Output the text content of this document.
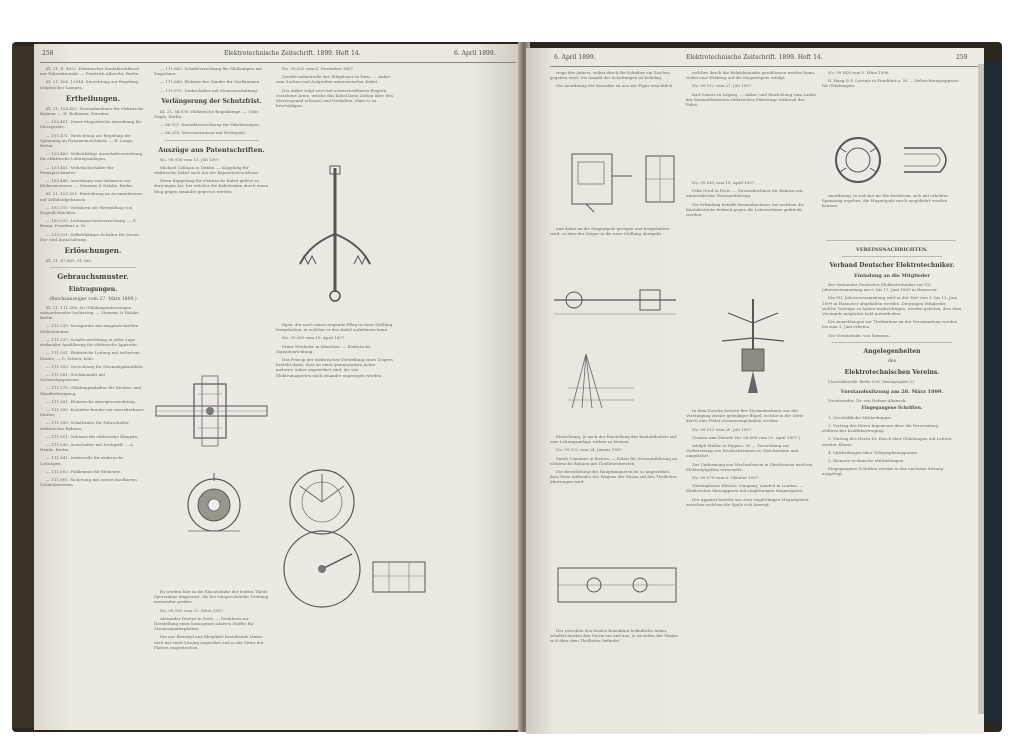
258	Elektrotechnische Zeitschrift. 1899. Heft 14.	6. April 1899.

Kl. 21. E. 4922. Elektrischer Kontaktschlüssel mit Walzenkontakt. — Friedrich Albrecht, Berlin.

Kl. 21. Sch. 12044. Einrichtung zur Regelung elektrischer Lampen.

Ertheilungen.

Kl. 21. 103.452. Stromabnehmer für elektrische Bahnen. — H. Rollmann, Dresden.

— 103.461. Dauer-Magnetische Anordnung für Messgeräte.

— 103.471. Vorrichtung zur Regelung der Spannung an Dynamomaschinen. — R. Lange, Berlin.

— 103.480. Selbstthätige Ausschaltvorrichtung für elektrische Leitungsanlagen.

— 103.481. Mehrfachschalter für Fernsprechämter.

— 103.488. Anordnung zum Anlassen von Elektromotoren. — Siemens & Halske, Berlin.

Kl. 21. 103.501. Einrichtung an Accumulatoren mit Zelluloidgehäusen.

— 103.510. Verfahren zur Herstellung von Bogenlichtkohlen.

— 103.520. Leitungsschutzvorrichtung. — E. Braun, Frankfurt a. M.

— 103.531. Selbstthätiger Schalter für Strom-Ein- und Ausschaltung.

Erlöschungen.

Kl. 21. 87.861. 91.960.

Gebrauchsmuster.
Eintragungen.
(Reichsanzeiger vom 27. März 1899.)

Kl. 21. 111.506. Zu Glühlampenfassungen anzuordnender Isolierring. — Siemens & Halske, Berlin.

— 111.535. Messgeräte mit ausgewechselten Widerständen.

— 111.537. Schaltvorrichtung in jeder Lage wirkender Ausführung für elektrische Apparate.

— 111.551. Elektrische Leitung mit isoliertem Drahte. — C. Scheer, Köln.

— 111.552. Vorrichtung für Stromabgabezähler.

— 111.561. Steckkontakt mit Sicherungspatrone.

— 111.578. Glühlampenhalter für Decken- und Wandbefestigung.

— 111.581. Elektrische Anzeigevorrichtung.

— 111.590. Kontaktschraube mit unverlierbarer Mutter.

— 111.598. Schaltwalze für Fahrschalter elektrischer Bahnen.

— 111.611. Gehäuse für elektrische Klingeln.

— 111.630. Ausschalter mit Drehgriff. — A. Hanke, Berlin.

— 111.641. Isolierrolle für elektrische Leitungen.

— 111.650. Polklemme für Elemente.

— 111.661. Sicherung mit auswechselbarem Schmelzstreifen.

— 111.662. Schaltvorrichtung für Glühlampen mit Zugschnur.

— 111.668. Elektrischer Zünder für Gasflammen.

— 111.670. Drehschalter mit Momentschaltung.

Verlängerung der Schutzfrist.

Kl. 21. 84.930. Elektrische Bogenlampe. — Gebr. Naglo, Berlin.

— 86.101. Kontaktvorrichtung für Fahrleitungen.

— 86.255. Messinstrument mit Drehspule.

Auszüge aus Patentschriften.

No. 98.936 vom 15. Juli 1897.

Michael Callinan in Dublin. — Kupplung für elektrische Kabel nach Art der Bajonettverschlüsse.

Diese Kuppelung für elektrische Kabel gehört zu derjenigen Art, bei welcher die Kabelenden durch einen Ring gegen einander gepresst werden.

Es werden hier in die Einsatzhülse der beiden Theile Sperrzähne eingesetzt, die bei entsprechender Drehung ineinander greifen.

No. 99.165 vom 31. März 1897.

Alexander Dorenz in Paris. — Verfahren zur Herstellung eines homogenen aktiven Stoffes für Stromsammlerplatten.

Die aus Bleioxyd und Bleiglätte bestehende Masse wird mit einer Lösung angerührt und in die Gitter der Platten eingestrichen.

No. 99.032 vom 6. November 1897.

Société industrielle des Téléphones in Paris. — Anker zum Suchen und Aufgreifen unterseeischer Kabel.

Der Anker trägt zwei mit auswechselbaren Fingern versehene Arme, welche das Kabel beim Ziehen über den Meeresgrund erfassen und festhalten, ohne es zu beschädigen.

tigen, der nach unten zeigende Pflug in einer Stellung festgehalten, in welcher er das Kabel aufnehmen kann.

No. 99.089 vom 10. April 1897.

Franz Neuhofer in München. — Elektrische Signaleinrichtung.

Das Princip der elektrischen Verstellung eines Zeigers besteht darin, dass an einer gemeinsamen Achse mehrere Anker angeordnet sind, die von Elektromagneten nach einander angezogen werden.

6. April 1899.	Elektrotechnische Zeitschrift. 1899. Heft 14.	259

ringe des Ankers, wobei durch die Schieber ein Zeichen gegeben wird. Die Anzahl der Schaltungen ist beliebig.

Die Anordnung der Kontakte ist aus der Figur ersichtlich.

und dabei an die Magnetpole gezogen und festgehalten wird, so dass der Zeiger in die neue Stellung übergeht.

Einrichtung, je nach der Einstellung des Kontakthebels auf eine Leitungsanlage wirken zu können.

No. 99.152 vom 24. Januar 1897.

Sarah Cummins in Boston. — Relais für Stromzuführung an elektrische Bahnen mit Theilleiterbetrieb.

Die Bewickelung des Hauptmagneten ist so angeordnet, dass beim Auflaufen des Wagens der Strom auf den Theilleiter übertragen wird.

Der zwischen den beiden Kontakten befindliche Anker schaltet hierbei den Strom ein und aus, je nachdem der Wagen sich über dem Theilleiter befindet.

welches durch die Relaiskontakte geschlossen werden kann, wobei eine Wirkung auf die Magnetspule erfolgt.

No. 99.112 vom 27. Juli 1897.

Karl Sauerz in Leipzig. — Anker, und Einrichtung zum Laden der Sammelbatterien elektrischer Fahrzeuge während der Fahrt.

No. 99.043 vom 10. April 1897.

Felix Nord in Paris. — Stromabnehmer für Bahnen mit unterirdischer Stromzuführung.

Die Erfindung betrifft Stromabnehmer, bei welchen die Kontaktstücke federnd gegen die Leiterschiene gedrückt werden.

In dem Zwecke besteht der Stromabnehmer aus der Vereinigung zweier gelenkiger Bügel, welche in der Mitte durch eine Feder zusammengehalten werden.

No. 99.013 vom 20. Juli 1897.

(Zusatz zum Patente No. 96.668 vom 29. April 1897.)

Adolph Müller in Hagen i. W. — Vorrichtung zur Vorbereitung von Wechselströmen in Gleichströme und umgekehrt.

Zur Umformung von Wechselstrom in Gleichstrom wird ein Elektrolytgefäss verwendet.

No. 99.070 vom 6. Oktober 1897.

Westinghouse Electric Company, Limited in London. — Elektrischer Messapparat mit ringförmigen Magnetpolen.

Der Apparat besteht aus zwei ringförmigen Magnetpolen, zwischen welchen die Spule sich bewegt.

No. 99.049 vom 5. März 1898.

R. Haag & F. Lorentz in Frankfurt a. M. — Beleuchtungsapparat für Glühlampen.

Anordnung, in welcher im Wechselstrom, sich mit erhöhter Spannung ergeben, die Magnetpole rasch umgekehrt werden können.

VEREINSNACHRICHTEN.
Verband Deutscher Elektrotechniker.
Einladung an die Mitglieder

des Verbandes Deutscher Elektrotechniker zur VII. Jahresversammlung am 9. bis 12. Juni 1899 in Hannover.

Die VII. Jahresversammlung wird in der Zeit vom 9. bis 12. Juni 1899 in Hannover abgehalten werden. Diejenigen Mitglieder, welche Vorträge zu halten beabsichtigen, werden gebeten, dies dem Vorstande möglichst bald mitzutheilen.

Die Anmeldungen zur Theilnahme an der Versammlung werden bis zum 1. Juni erbeten.

Der Vorsitzende. von Siemens.

Angelegenheiten
des
Elektrotechnischen Vereins.

(Geschäftsstelle: Berlin N.W., Monbijouplatz 3.)

Vorstandssitzung am 28. März 1899.

Vorsitzender: Dr. von Hefner-Alteneck.

Eingegangene Schriften.

1. Geschäftliche Mittheilungen.

2. Vortrag des Herrn Ingenieurs über die Verwendung elektrischer Kraftübertragung.

3. Vortrag des Herrn Dr. Rasch über Glühlampen mit Leitern zweiter Klasse.

4. Mittheilungen über Telegraphenapparate.

5. Kleinere technische Mittheilungen.

Eingegangene Schriften werden in der nächsten Sitzung ausgelegt.
